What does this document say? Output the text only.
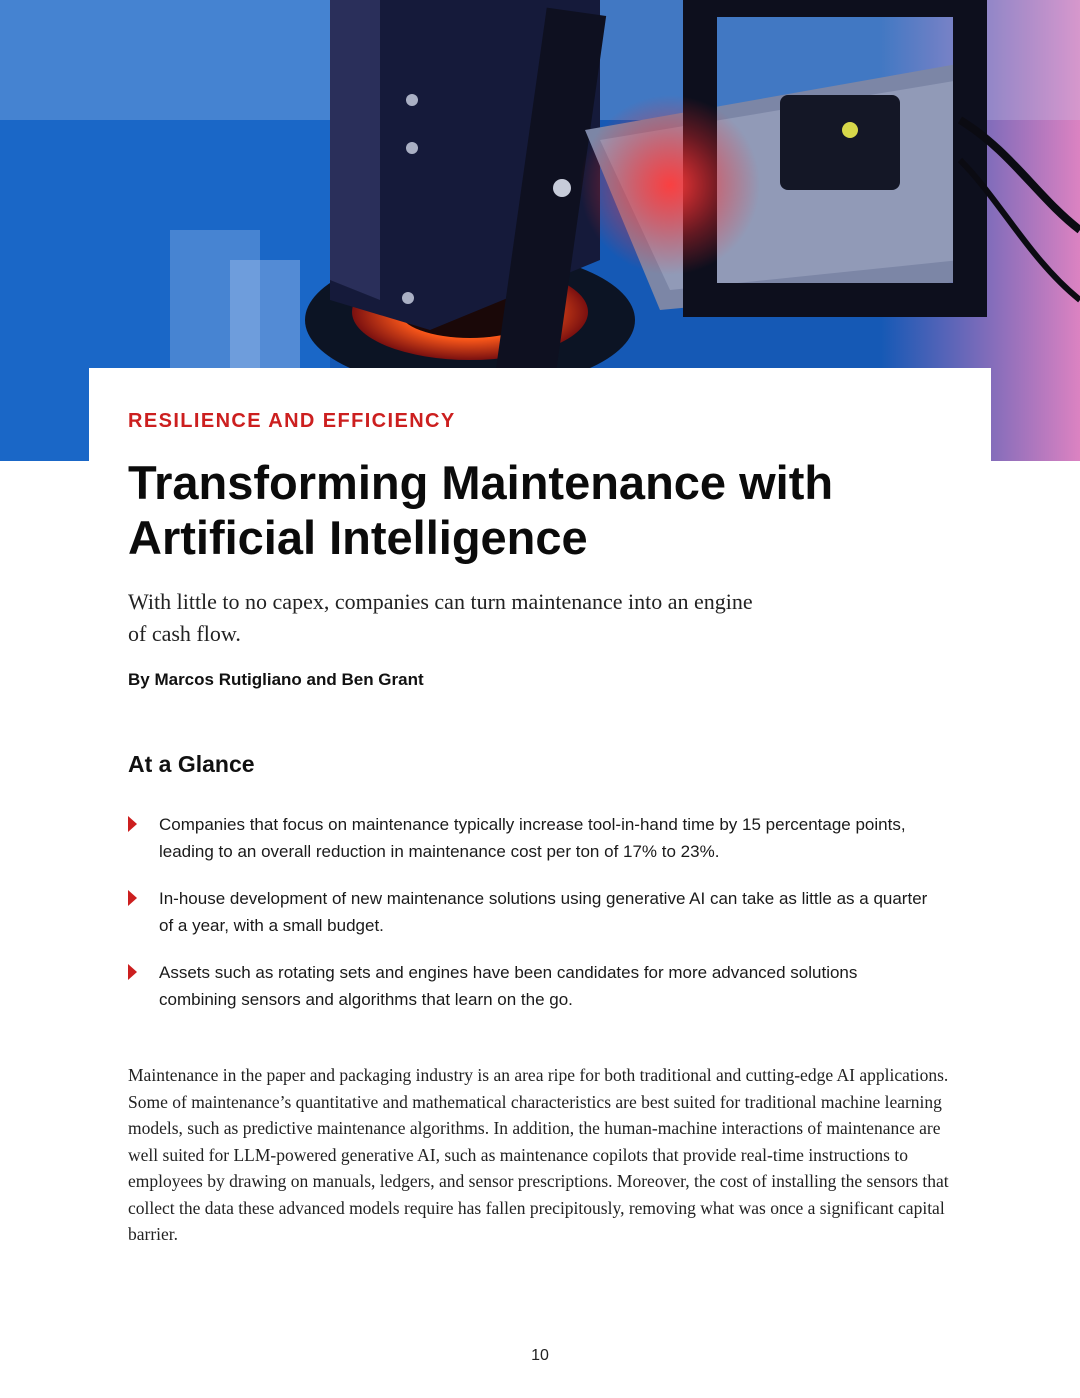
RESILIENCE AND EFFICIENCY

Transforming Maintenance with Artificial Intelligence

With little to no capex, companies can turn maintenance into an engine of cash flow.

By Marcos Rutigliano and Ben Grant

At a Glance
Companies that focus on maintenance typically increase tool-in-hand time by 15 percentage points, leading to an overall reduction in maintenance cost per ton of 17% to 23%.
In-house development of new maintenance solutions using generative AI can take as little as a quarter of a year, with a small budget.
Assets such as rotating sets and engines have been candidates for more advanced solutions combining sensors and algorithms that learn on the go.

Maintenance in the paper and packaging industry is an area ripe for both traditional and cutting-edge AI applications. Some of maintenance’s quantitative and mathematical characteristics are best suited for traditional machine learning models, such as predictive maintenance algorithms. In addition, the human-machine interactions of maintenance are well suited for LLM-powered generative AI, such as maintenance copilots that provide real-time instructions to employees by drawing on manuals, ledgers, and sensor prescriptions. Moreover, the cost of installing the sensors that collect the data these advanced models require has fallen precipitously, removing what was once a significant capital barrier.

10
